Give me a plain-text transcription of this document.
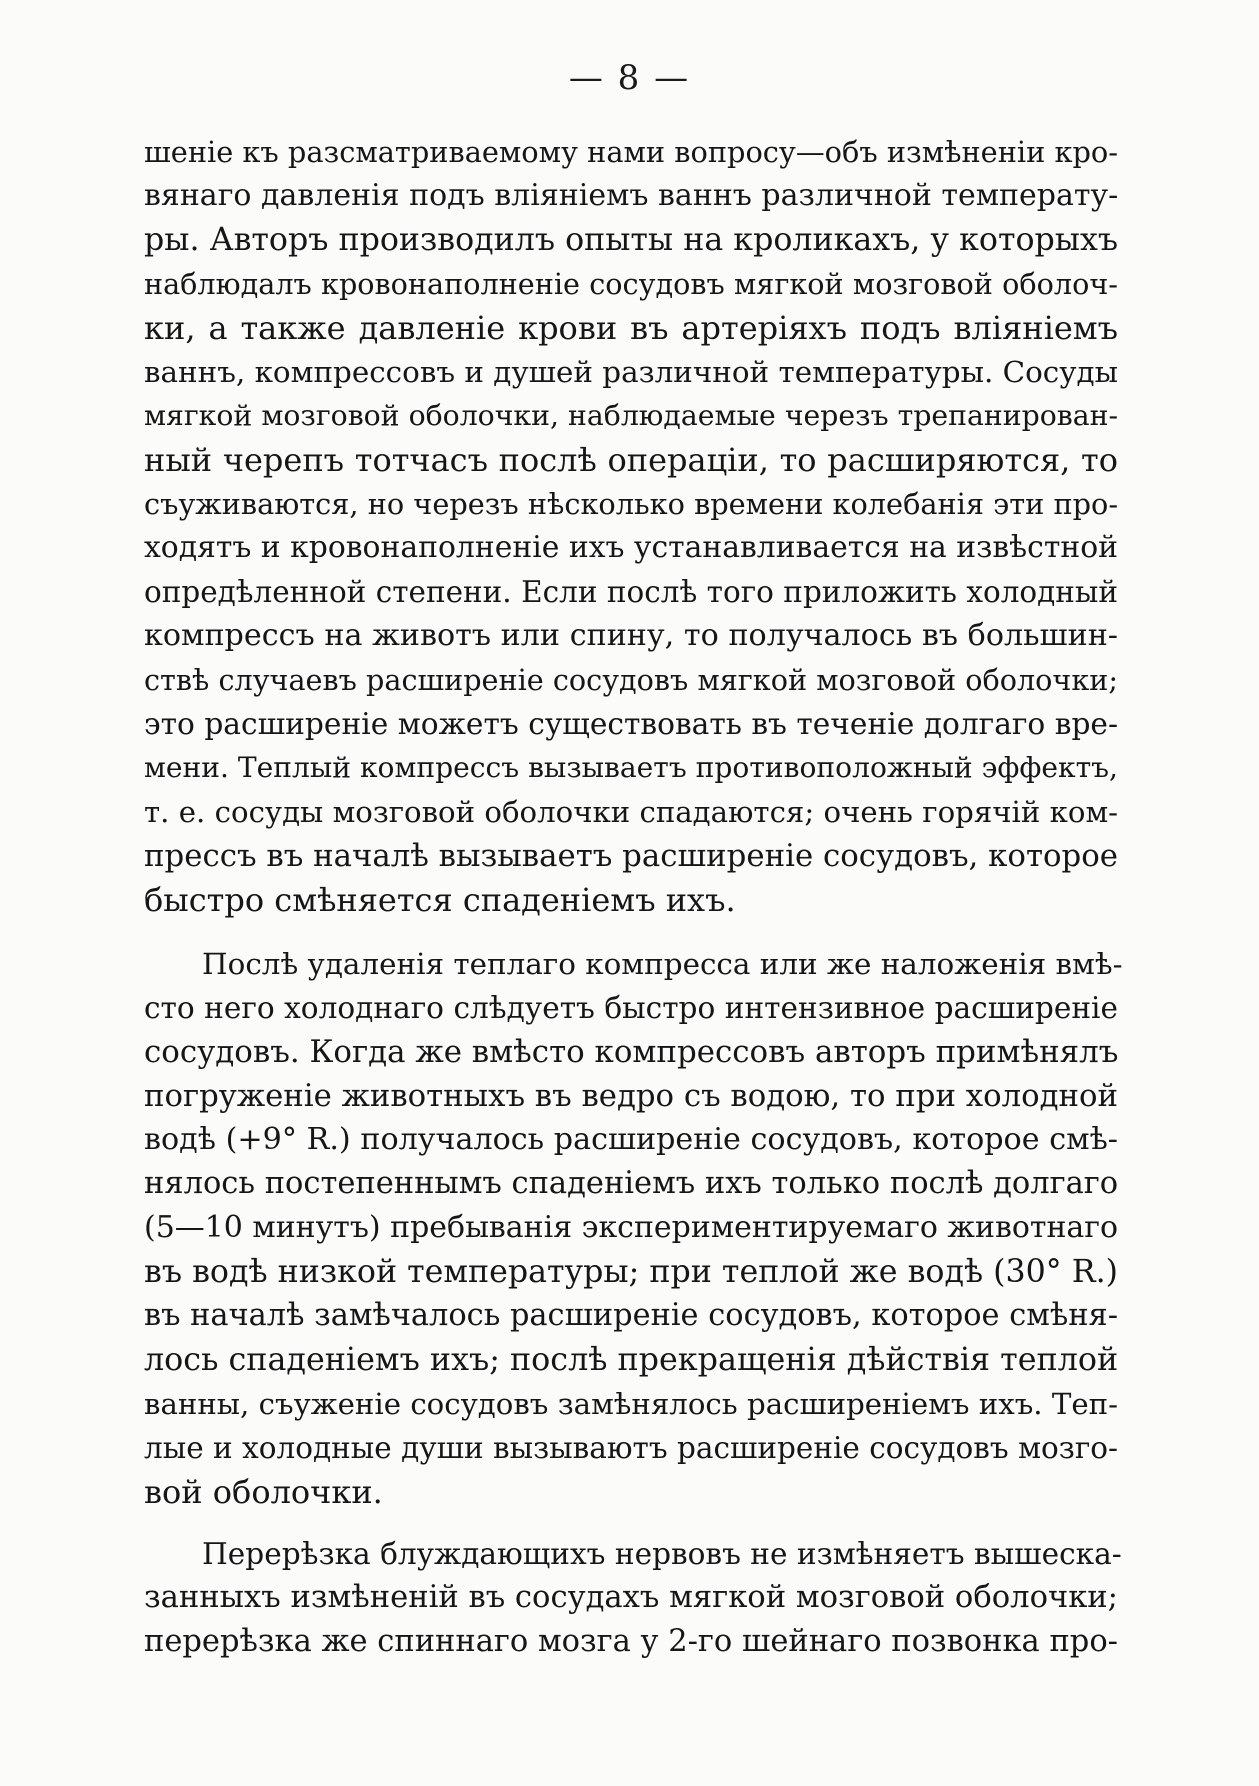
— 8 —
шеніе къ разсматриваемому нами вопросу—объ измѣненіи кро-
вянаго давленія подъ вліяніемъ ваннъ различной температу-
ры. Авторъ производилъ опыты на кроликахъ, у которыхъ
наблюдалъ кровонаполненіе сосудовъ мягкой мозговой оболоч-
ки, а также давленіе крови въ артеріяхъ подъ вліяніемъ
ваннъ, компрессовъ и душей различной температуры. Сосуды
мягкой мозговой оболочки, наблюдаемые черезъ трепанирован-
ный черепъ тотчасъ послѣ операціи, то расширяются, то
съуживаются, но черезъ нѣсколько времени колебанія эти про-
ходятъ и кровонаполненіе ихъ устанавливается на извѣстной
опредѣленной степени. Если послѣ того приложить холодный
компрессъ на животъ или спину, то получалось въ большин-
ствѣ случаевъ расширеніе сосудовъ мягкой мозговой оболочки;
это расширеніе можетъ существовать въ теченіе долгаго вре-
мени. Теплый компрессъ вызываетъ противоположный эффектъ,
т. е. сосуды мозговой оболочки спадаются; очень горячій ком-
прессъ въ началѣ вызываетъ расширеніе сосудовъ, которое
быстро смѣняется спаденіемъ ихъ.
Послѣ удаленія теплаго компресса или же наложенія вмѣ-
сто него холоднаго слѣдуетъ быстро интензивное расширеніе
сосудовъ. Когда же вмѣсто компрессовъ авторъ примѣнялъ
погруженіе животныхъ въ ведро съ водою, то при холодной
водѣ (+9° R.) получалось расширеніе сосудовъ, которое смѣ-
нялось постепеннымъ спаденіемъ ихъ только послѣ долгаго
(5—10 минутъ) пребыванія экспериментируемаго животнаго
въ водѣ низкой температуры; при теплой же водѣ (30° R.)
въ началѣ замѣчалось расширеніе сосудовъ, которое смѣня-
лось спаденіемъ ихъ; послѣ прекращенія дѣйствія теплой
ванны, съуженіе сосудовъ замѣнялось расширеніемъ ихъ. Теп-
лые и холодные души вызываютъ расширеніе сосудовъ мозго-
вой оболочки.
Перерѣзка блуждающихъ нервовъ не измѣняетъ вышеска-
занныхъ измѣненій въ сосудахъ мягкой мозговой оболочки;
перерѣзка же спиннаго мозга у 2-го шейнаго позвонка про-
